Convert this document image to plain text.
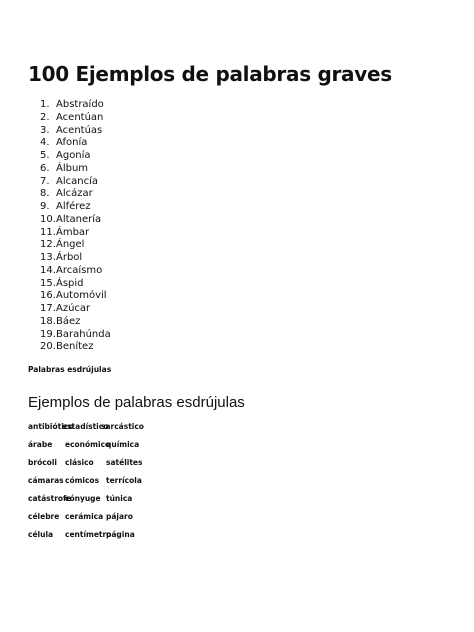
100 Ejemplos de palabras graves
1. Abstraído
2. Acentúan
3. Acentúas
4. Afonía
5. Agonía
6. Álbum
7. Alcancía
8. Alcázar
9. Alférez
10. Altanería
11. Ámbar
12. Ángel
13. Árbol
14. Arcaísmo
15. Áspid
16. Automóvil
17. Azúcar
18. Báez
19. Barahúnda
20. Benítez

Palabras esdrújulas

Ejemplos de palabras esdrújulas
antibiótico
estadístico
sarcástico
árabe económico
química
brócoli clásico satélites
cámaras cómicos terrícola
catástrofe
cónyuge túnica
célebre cerámica pájaro
célula centímetro
página
